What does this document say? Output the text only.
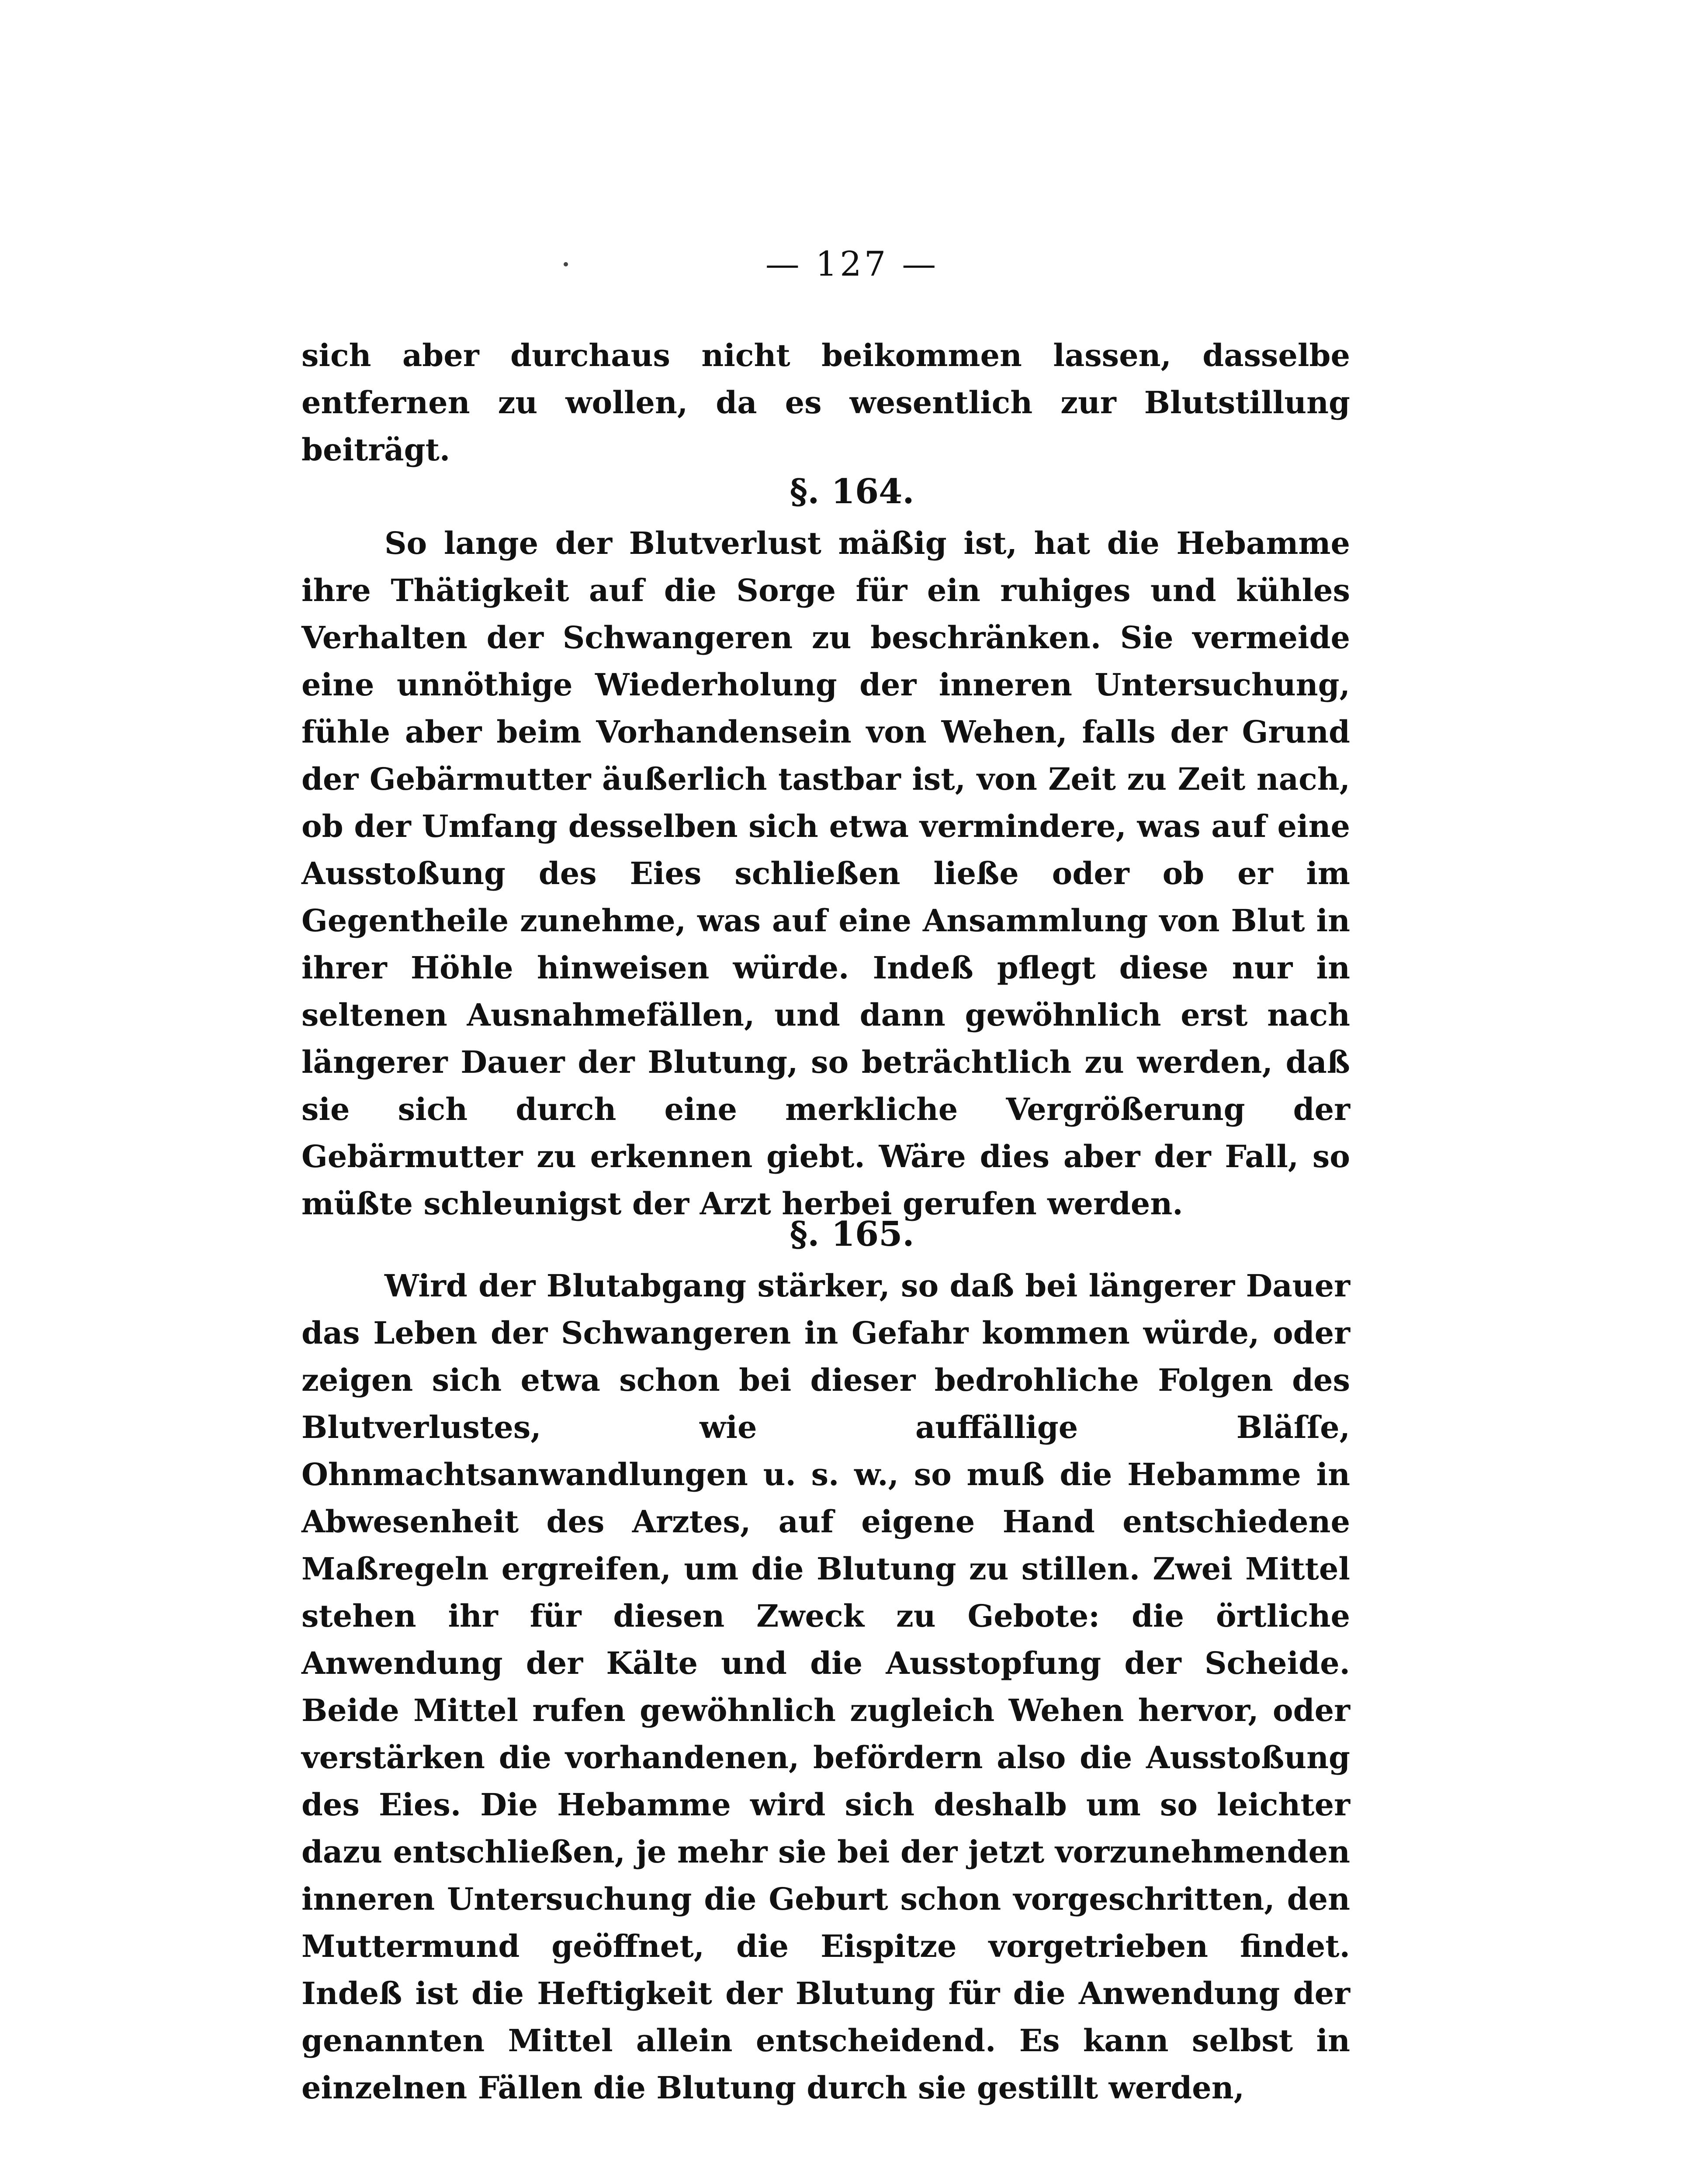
— 127 —

sich aber durchaus nicht beikommen lassen, dasselbe entfernen zu wollen, da es wesentlich zur Blutstillung beiträgt.

§. 164.

So lange der Blutverlust mäßig ist, hat die Hebamme ihre Thätigkeit auf die Sorge für ein ruhiges und kühles Verhalten der Schwangeren zu beschränken. Sie vermeide eine unnöthige Wiederholung der inneren Untersuchung, fühle aber beim Vorhandensein von Wehen, falls der Grund der Gebärmutter äußerlich tastbar ist, von Zeit zu Zeit nach, ob der Umfang desselben sich etwa vermindere, was auf eine Ausstoßung des Eies schließen ließe oder ob er im Gegentheile zunehme, was auf eine Ansammlung von Blut in ihrer Höhle hinweisen würde. Indeß pflegt diese nur in seltenen Ausnahmefällen, und dann gewöhnlich erst nach längerer Dauer der Blutung, so beträchtlich zu werden, daß sie sich durch eine merkliche Vergrößerung der Gebärmutter zu erkennen giebt. Wäre dies aber der Fall, so müßte schleunigst der Arzt herbei gerufen werden.

§. 165.

Wird der Blutabgang stärker, so daß bei längerer Dauer das Leben der Schwangeren in Gefahr kommen würde, oder zeigen sich etwa schon bei dieser bedrohliche Folgen des Blutverlustes, wie auffällige Bläſſe, Ohnmachtsanwandlungen u. s. w., so muß die Hebamme in Abwesenheit des Arztes, auf eigene Hand entschiedene Maßregeln ergreifen, um die Blutung zu stillen. Zwei Mittel stehen ihr für diesen Zweck zu Gebote: die örtliche Anwendung der Kälte und die Ausstopfung der Scheide. Beide Mittel rufen gewöhnlich zugleich Wehen hervor, oder verstärken die vorhandenen, befördern also die Ausstoßung des Eies. Die Hebamme wird sich deshalb um so leichter dazu entschließen, je mehr sie bei der jetzt vorzunehmenden inneren Untersuchung die Geburt schon vorgeschritten, den Muttermund geöffnet, die Eispitze vorgetrieben findet. Indeß ist die Heftigkeit der Blutung für die Anwendung der genannten Mittel allein entscheidend. Es kann selbst in einzelnen Fällen die Blutung durch sie gestillt werden,
